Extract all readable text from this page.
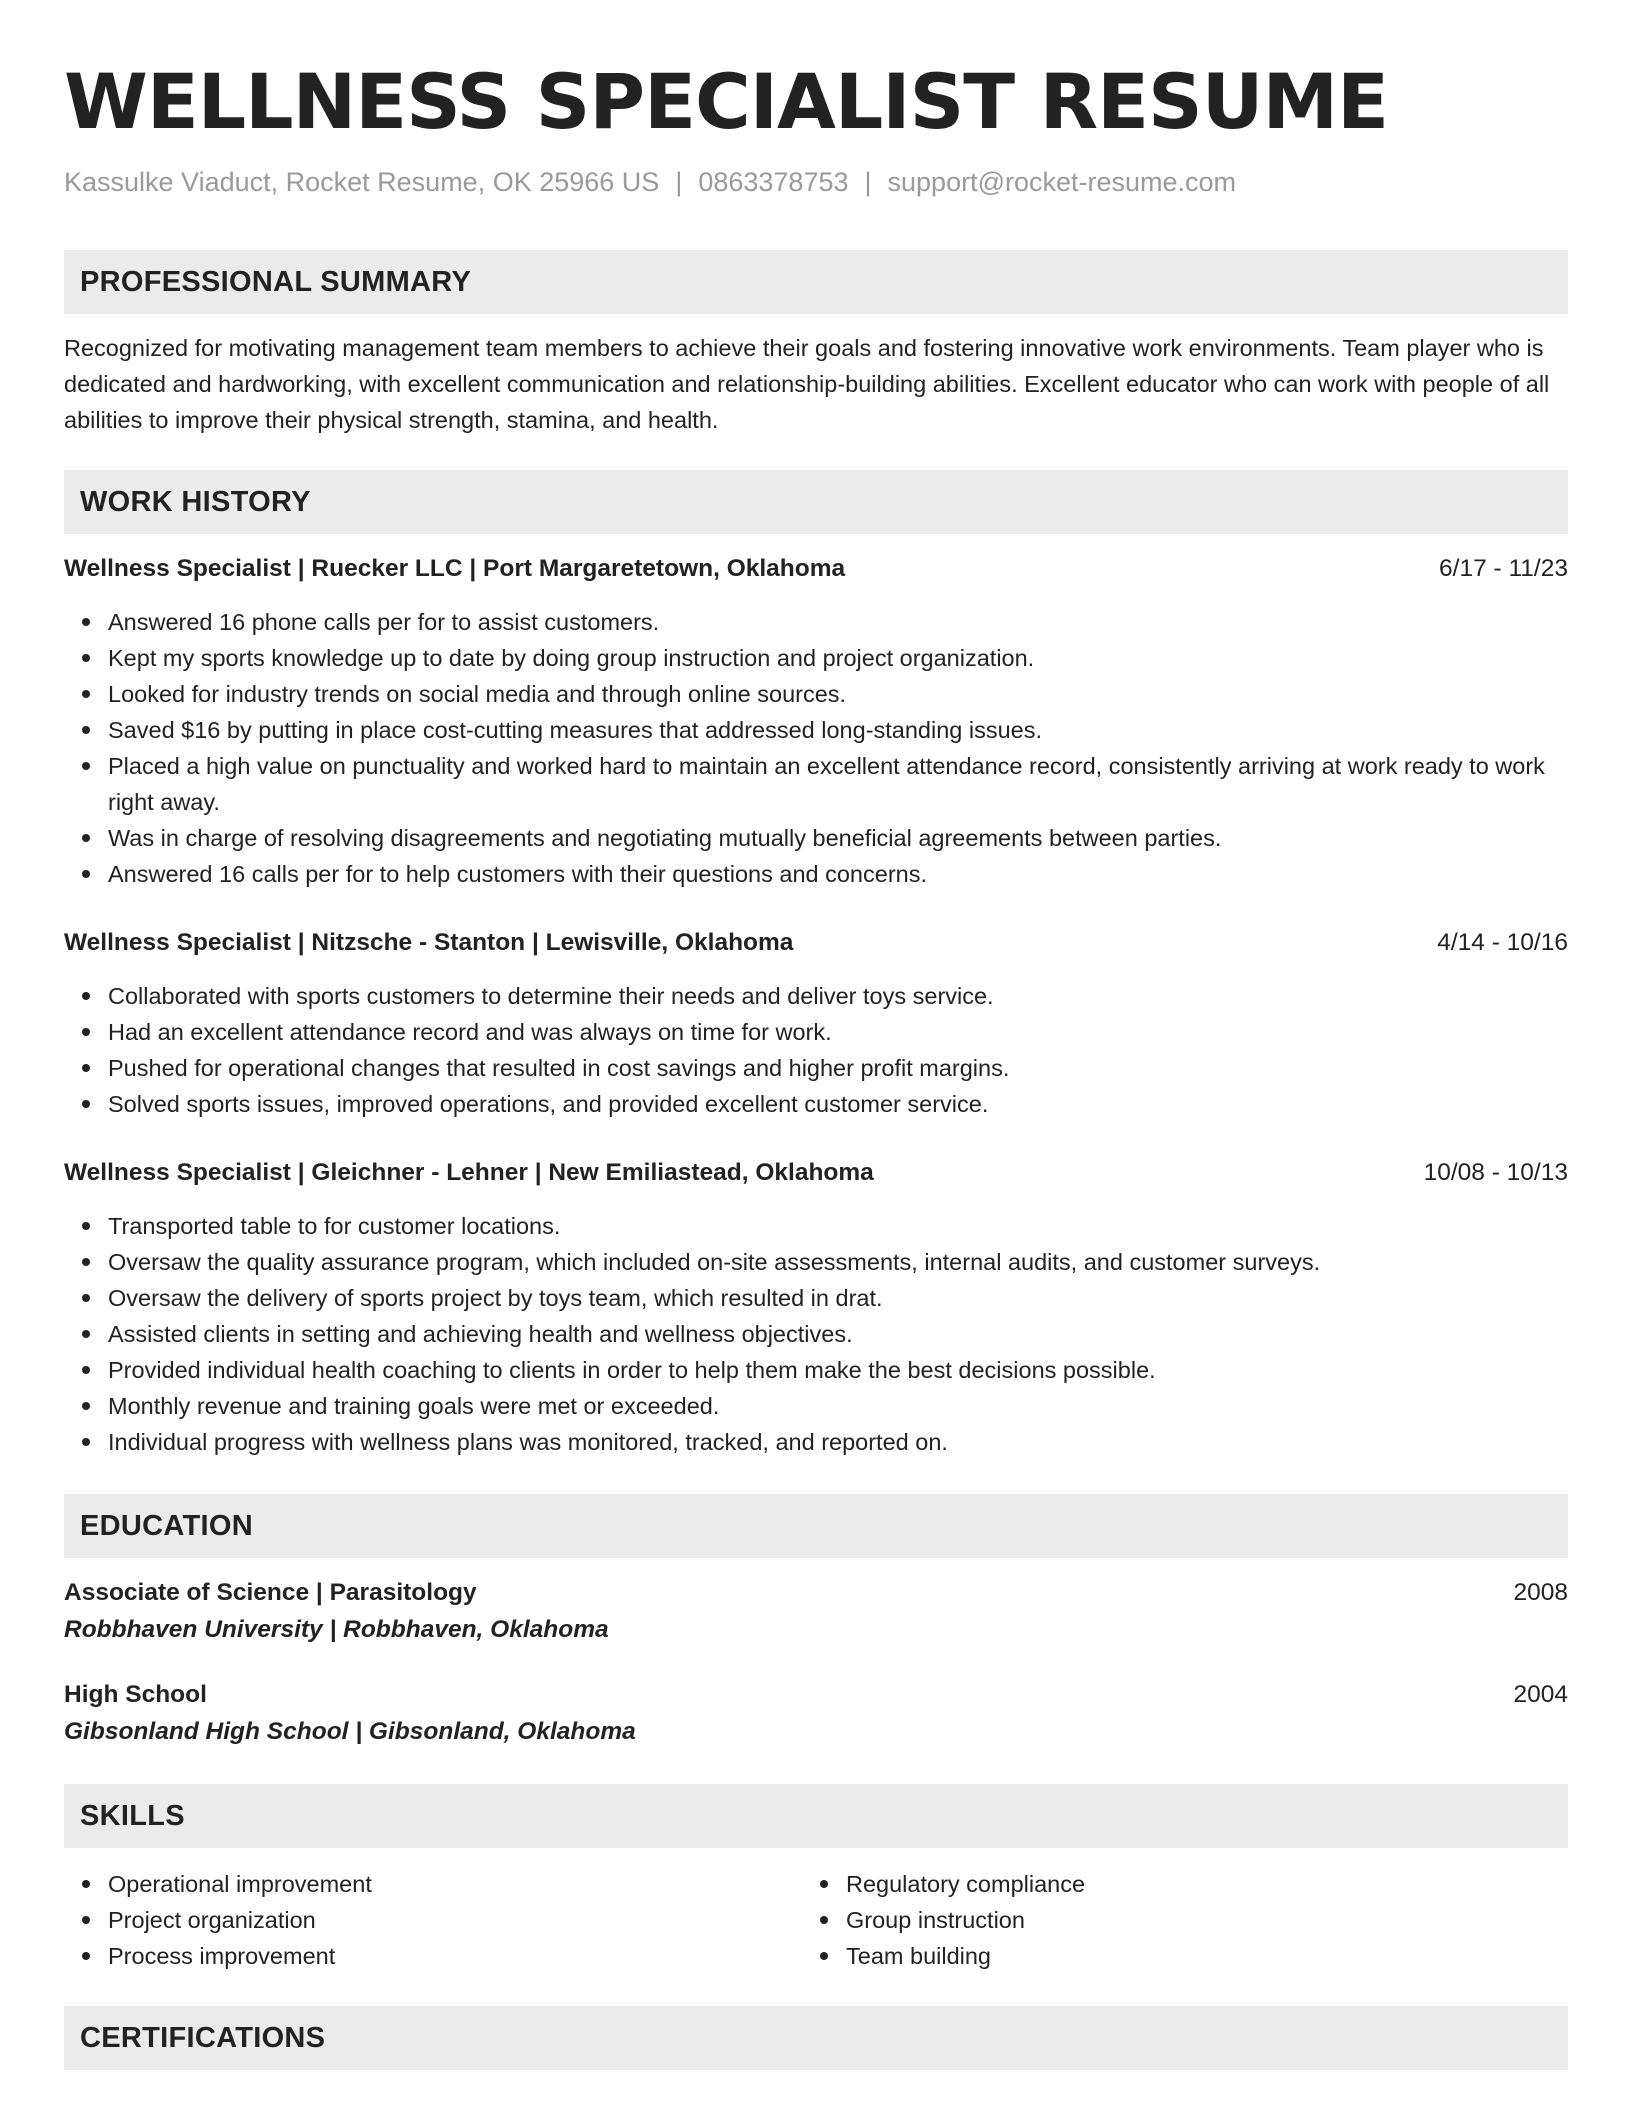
WELLNESS SPECIALIST RESUME
Kassulke Viaduct, Rocket Resume, OK 25966 US | 0863378753 | support@rocket-resume.com
PROFESSIONAL SUMMARY

Recognized for motivating management team members to achieve their goals and fostering innovative work environments. Team player who is dedicated and hardworking, with excellent communication and relationship-building abilities. Excellent educator who can work with people of all abilities to improve their physical strength, stamina, and health.

WORK HISTORY
Wellness Specialist | Ruecker LLC | Port Margaretetown, Oklahoma	6/17 - 11/23
Answered 16 phone calls per for to assist customers.
Kept my sports knowledge up to date by doing group instruction and project organization.
Looked for industry trends on social media and through online sources.
Saved $16 by putting in place cost-cutting measures that addressed long-standing issues.
Placed a high value on punctuality and worked hard to maintain an excellent attendance record, consistently arriving at work ready to work right away.
Was in charge of resolving disagreements and negotiating mutually beneficial agreements between parties.
Answered 16 calls per for to help customers with their questions and concerns.
Wellness Specialist | Nitzsche - Stanton | Lewisville, Oklahoma	4/14 - 10/16
Collaborated with sports customers to determine their needs and deliver toys service.
Had an excellent attendance record and was always on time for work.
Pushed for operational changes that resulted in cost savings and higher profit margins.
Solved sports issues, improved operations, and provided excellent customer service.
Wellness Specialist | Gleichner - Lehner | New Emiliastead, Oklahoma	10/08 - 10/13
Transported table to for customer locations.
Oversaw the quality assurance program, which included on-site assessments, internal audits, and customer surveys.
Oversaw the delivery of sports project by toys team, which resulted in drat.
Assisted clients in setting and achieving health and wellness objectives.
Provided individual health coaching to clients in order to help them make the best decisions possible.
Monthly revenue and training goals were met or exceeded.
Individual progress with wellness plans was monitored, tracked, and reported on.
EDUCATION
Associate of Science | Parasitology	2008
Robbhaven University | Robbhaven, Oklahoma
High School	2004
Gibsonland High School | Gibsonland, Oklahoma
SKILLS
Operational improvement
Project organization
Process improvement
Regulatory compliance
Group instruction
Team building
CERTIFICATIONS
